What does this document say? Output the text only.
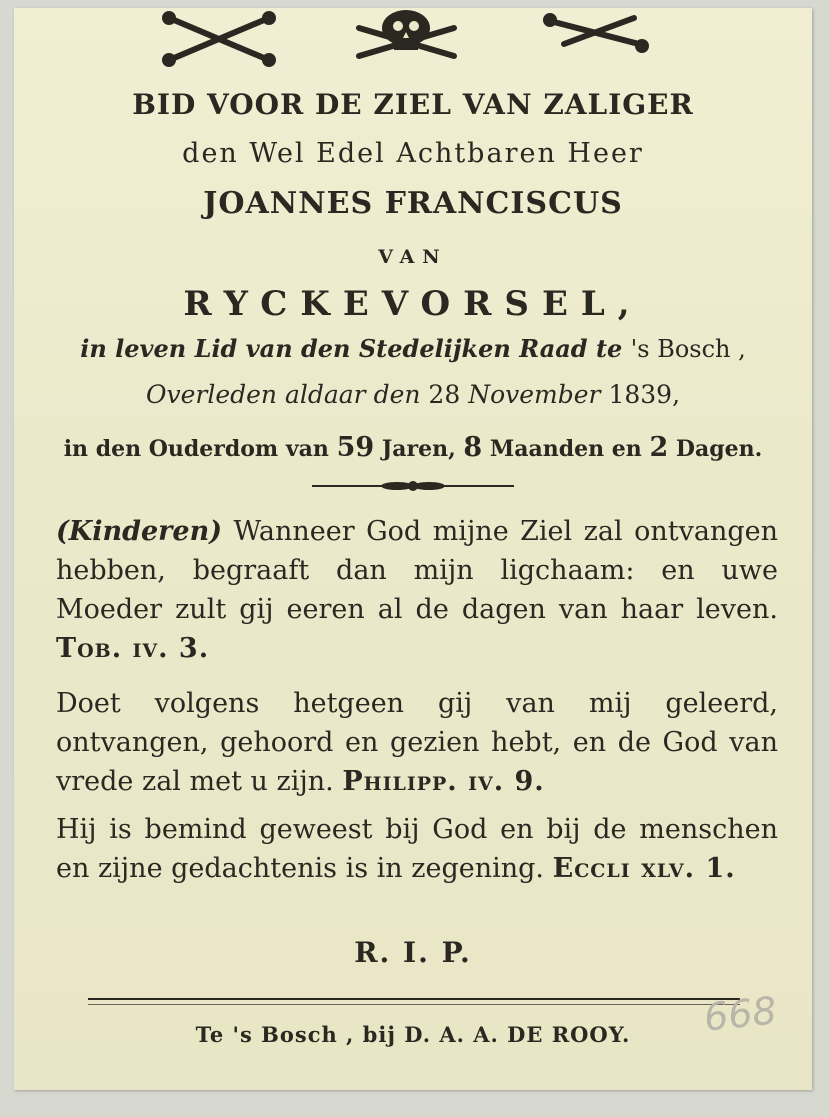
BID VOOR DE ZIEL VAN ZALIGER
den Wel Edel Achtbaren Heer
JOANNES FRANCISCUS
VAN
RYCKEVORSEL,
in leven Lid van den Stedelijken Raad te 's Bosch ,
Overleden aldaar den 28 November 1839,
in den Ouderdom van 59 Jaren, 8 Maanden en 2 Dagen.
(Kinderen) Wanneer God mijne Ziel zal ontvangen hebben, begraaft dan mijn ligchaam: en uwe Moeder zult gij eeren al de dagen van haar leven. Tob. iv. 3.
Doet volgens hetgeen gij van mij geleerd, ontvangen, gehoord en gezien hebt, en de God van vrede zal met u zijn. Philipp. iv. 9.
Hij is bemind geweest bij God en bij de menschen en zijne gedachtenis is in zegening. Eccli xlv. 1.
R. I. P.
Te 's Bosch , bij D. A. A. DE ROOY.	668
